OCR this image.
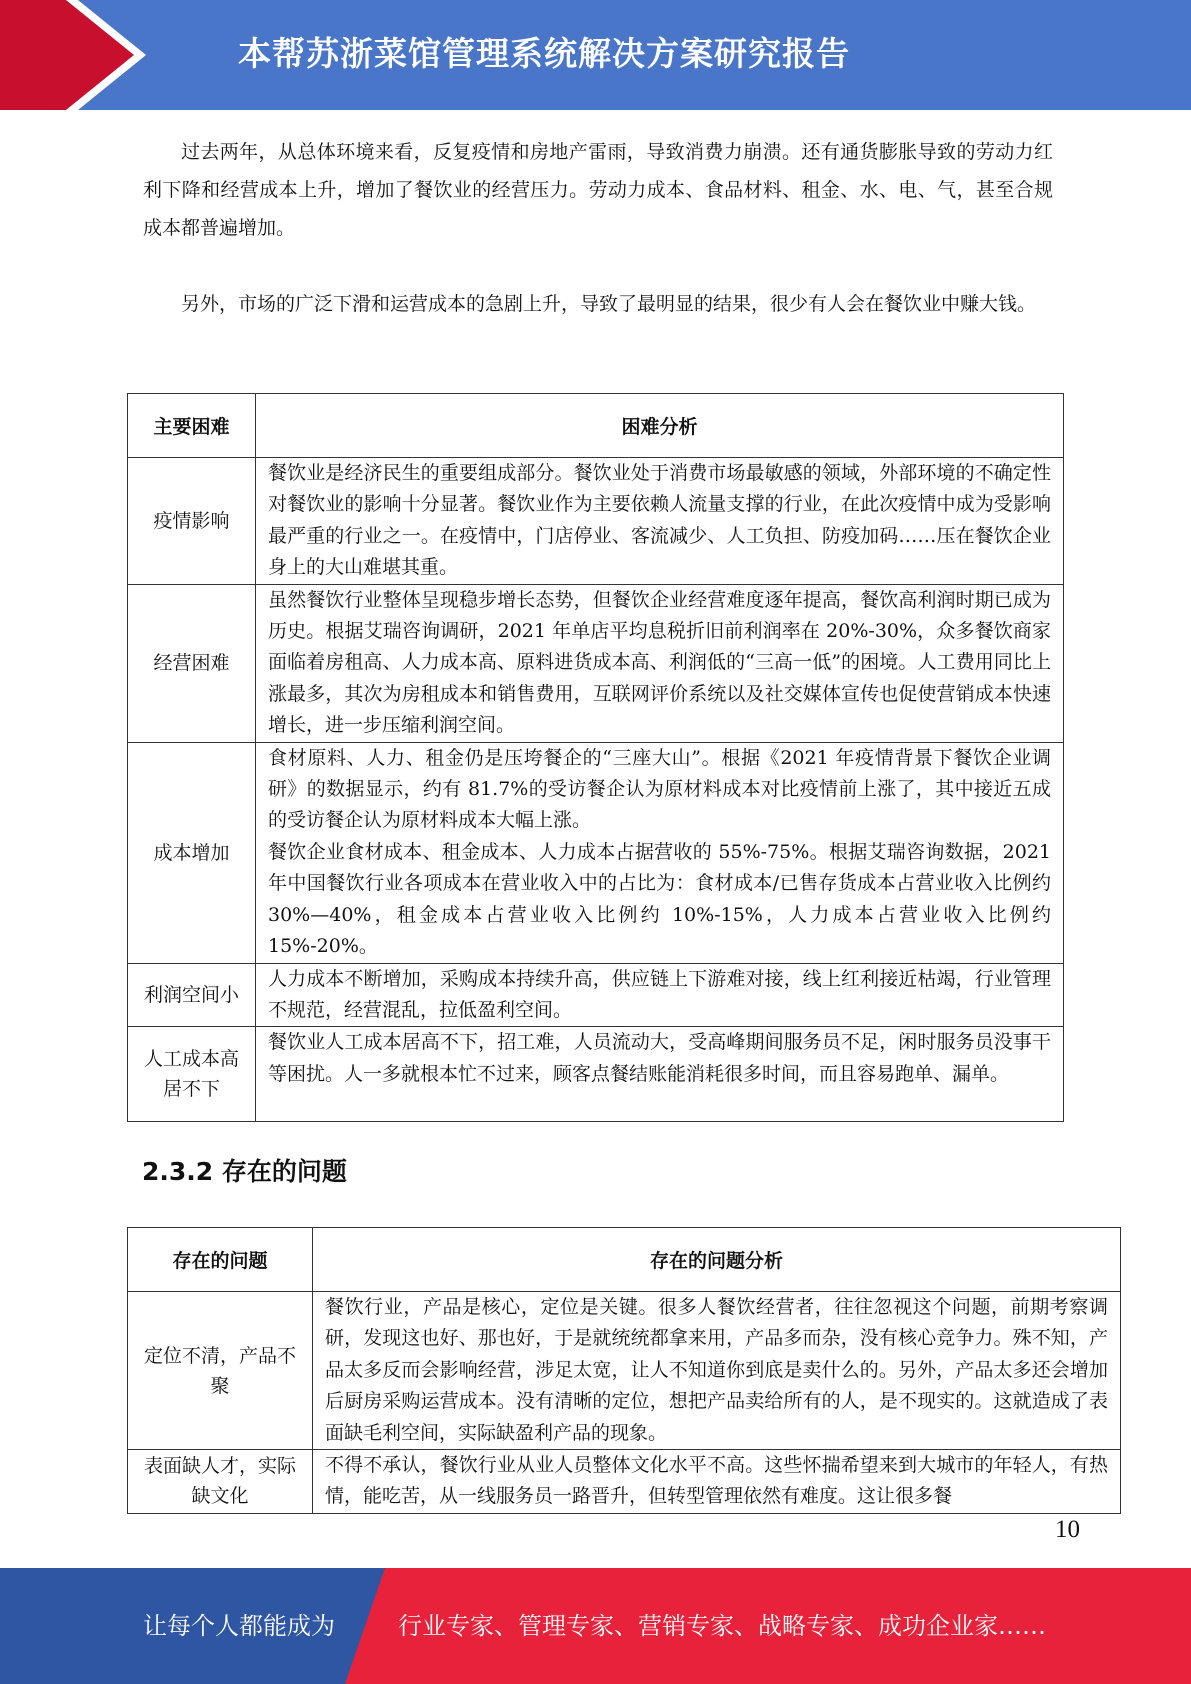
本帮苏浙菜馆管理系统解决方案研究报告

过去两年，从总体环境来看，反复疫情和房地产雷雨，导致消费力崩溃。还有通货膨胀导致的劳动力红利下降和经营成本上升，增加了餐饮业的经营压力。劳动力成本、食品材料、租金、水、电、气，甚至合规成本都普遍增加。

另外，市场的广泛下滑和运营成本的急剧上升，导致了最明显的结果，很少有人会在餐饮业中赚大钱。

主要困难	困难分析
疫情影响	餐饮业是经济民生的重要组成部分。餐饮业处于消费市场最敏感的领域，外部环境的不确定性对餐饮业的影响十分显著。餐饮业作为主要依赖人流量支撑的行业，在此次疫情中成为受影响最严重的行业之一。在疫情中，门店停业、客流减少、人工负担、防疫加码……压在餐饮企业身上的大山难堪其重。
经营困难	虽然餐饮行业整体呈现稳步增长态势，但餐饮企业经营难度逐年提高，餐饮高利润时期已成为历史。根据艾瑞咨询调研，2021 年单店平均息税折旧前利润率在 20%-30%，众多餐饮商家面临着房租高、人力成本高、原料进货成本高、利润低的“三高一低”的困境。人工费用同比上涨最多，其次为房租成本和销售费用，互联网评价系统以及社交媒体宣传也促使营销成本快速增长，进一步压缩利润空间。
成本增加	食材原料、人力、租金仍是压垮餐企的“三座大山”。根据《2021 年疫情背景下餐饮企业调研》的数据显示，约有 81.7%的受访餐企认为原材料成本对比疫情前上涨了，其中接近五成的受访餐企认为原材料成本大幅上涨。
餐饮企业食材成本、租金成本、人力成本占据营收的 55%-75%。根据艾瑞咨询数据，2021 年中国餐饮行业各项成本在营业收入中的占比为：食材成本/已售存货成本占营业收入比例约 30%—40%，租金成本占营业收入比例约 10%-15%，人力成本占营业收入比例约 15%-20%。

利润空间小	人力成本不断增加，采购成本持续升高，供应链上下游难对接，线上红利接近枯竭，行业管理不规范，经营混乱，拉低盈利空间。
人工成本高居不下	餐饮业人工成本居高不下，招工难，人员流动大，受高峰期间服务员不足，闲时服务员没事干等困扰。人一多就根本忙不过来，顾客点餐结账能消耗很多时间，而且容易跑单、漏单。
2.3.2 存在的问题
存在的问题	存在的问题分析
定位不清，产品不聚	餐饮行业，产品是核心，定位是关键。很多人餐饮经营者，往往忽视这个问题，前期考察调研，发现这也好、那也好，于是就统统都拿来用，产品多而杂，没有核心竞争力。殊不知，产品太多反而会影响经营，涉足太宽，让人不知道你到底是卖什么的。另外，产品太多还会增加后厨房采购运营成本。没有清晰的定位，想把产品卖给所有的人，是不现实的。这就造成了表面缺毛利空间，实际缺盈利产品的现象。
表面缺人才，实际缺文化	不得不承认，餐饮行业从业人员整体文化水平不高。这些怀揣希望来到大城市的年轻人，有热情，能吃苦，从一线服务员一路晋升，但转型管理依然有难度。这让很多餐
10
让每个人都能成为	行业专家、管理专家、营销专家、战略专家、成功企业家……
